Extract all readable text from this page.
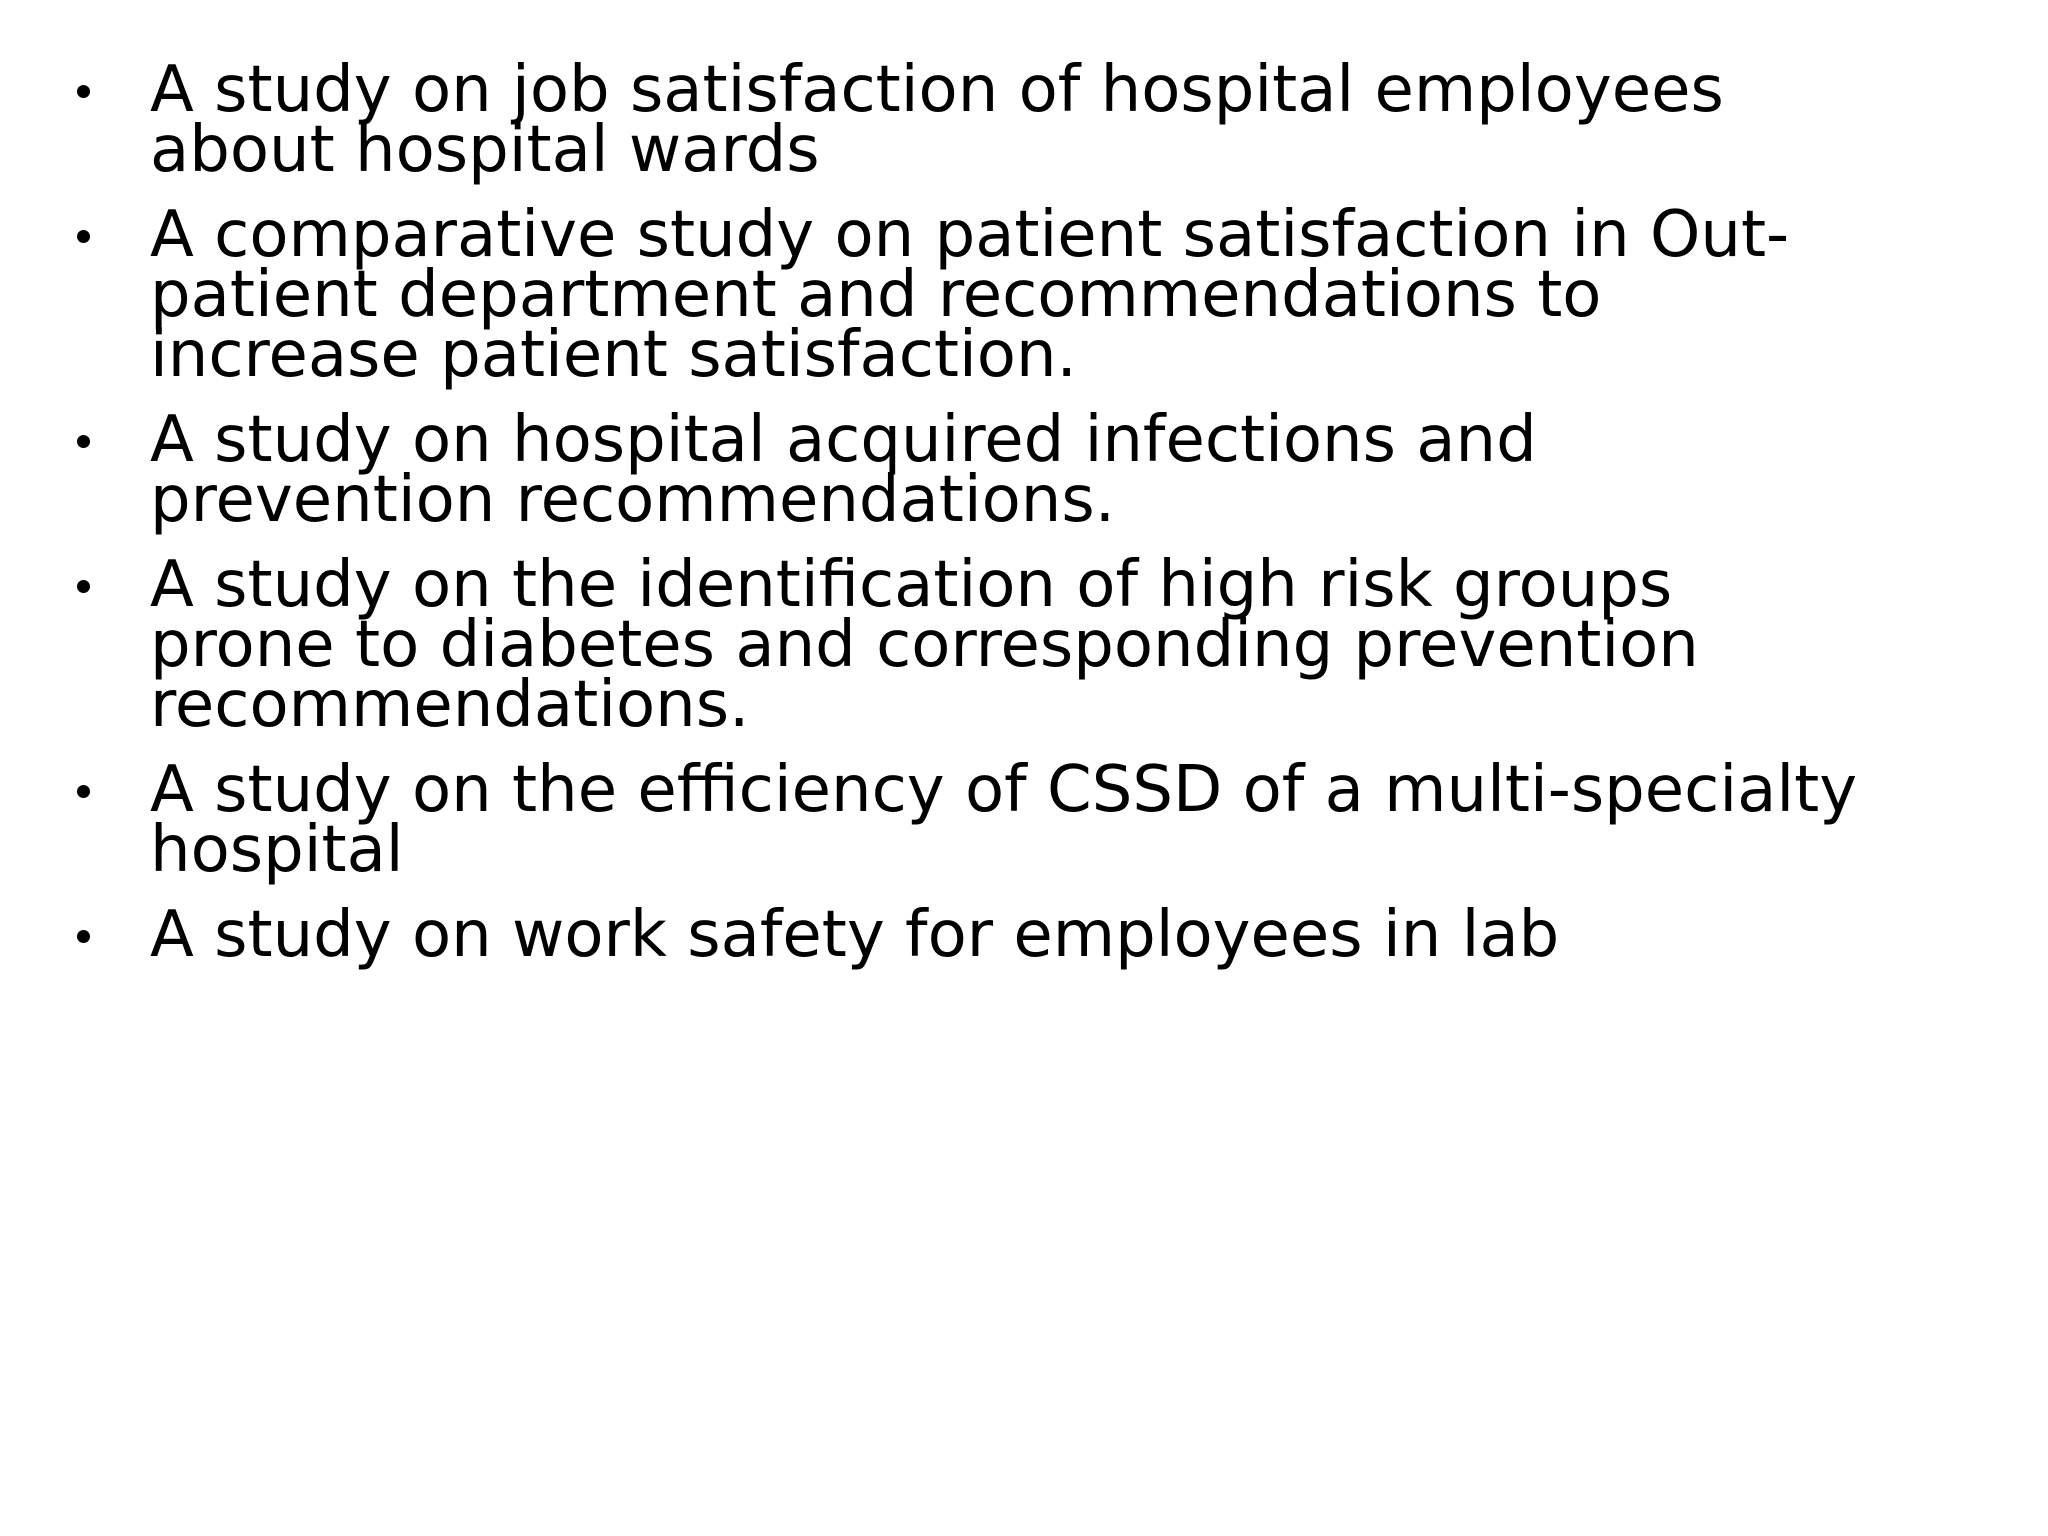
A study on job satisfaction of hospital employees
about hospital wards
A comparative study on patient satisfaction in Out-
patient department and recommendations to
increase patient satisfaction.
A study on hospital acquired infections and
prevention recommendations.
A study on the identification of high risk groups
prone to diabetes and corresponding prevention
recommendations.
A study on the efficiency of CSSD of a multi-specialty
hospital
A study on work safety for employees in lab
